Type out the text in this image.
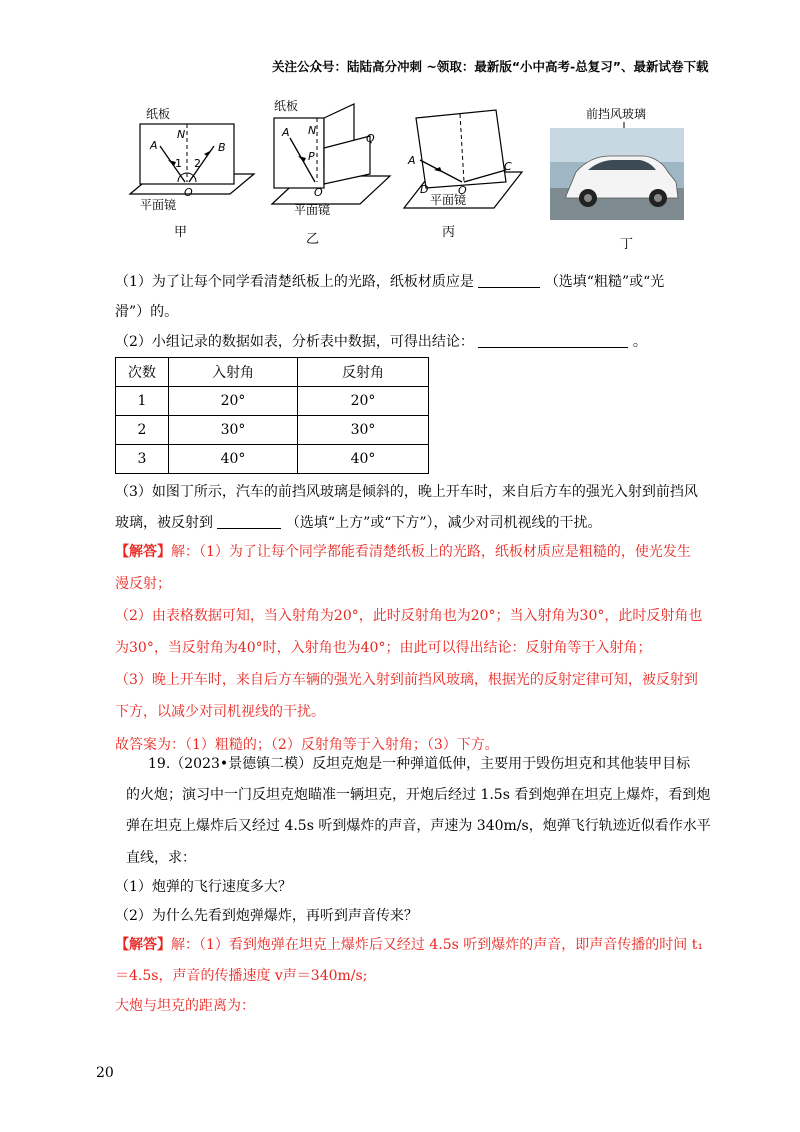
关注公众号：陆陆高分冲刺 ~领取：最新版“小中高考-总复习”、最新试卷下载
纸板
N
A	B
1 2
O
平面镜
甲
纸板
A N
P
Q
O
平面镜
乙
A
D	O
C
平面镜
丙
前挡风玻璃
丁
（1）为了让每个同学看清楚纸板上的光路，纸板材质应是	（选填“粗糙”或“光
滑”）的。
（2）小组记录的数据如表，分析表中数据，可得出结论：	。
次数	入射角	反射角
1	20°	20°
2	30°	30°
3	40°	40°
（3）如图丁所示，汽车的前挡风玻璃是倾斜的，晚上开车时，来自后方车的强光入射到前挡风
玻璃，被反射到	（选填“上方”或“下方”），减少对司机视线的干扰。
【解答】解：（1）为了让每个同学都能看清楚纸板上的光路，纸板材质应是粗糙的，使光发生
漫反射；
（2）由表格数据可知，当入射角为20°，此时反射角也为20°；当入射角为30°，此时反射角也
为30°，当反射角为40°时，入射角也为40°；由此可以得出结论：反射角等于入射角；
（3）晚上开车时，来自后方车辆的强光入射到前挡风玻璃，根据光的反射定律可知，被反射到
下方，以减少对司机视线的干扰。
故答案为：（1）粗糙的；（2）反射角等于入射角；（3）下方。
19.（2023•景德镇二模）反坦克炮是一种弹道低伸，主要用于毁伤坦克和其他装甲目标
的火炮；演习中一门反坦克炮瞄准一辆坦克，开炮后经过 1.5s 看到炮弹在坦克上爆炸，看到炮
弹在坦克上爆炸后又经过 4.5s 听到爆炸的声音，声速为 340m/s，炮弹飞行轨迹近似看作水平
直线，求：
（1）炮弹的飞行速度多大？
（2）为什么先看到炮弹爆炸，再听到声音传来？
【解答】解：（1）看到炮弹在坦克上爆炸后又经过 4.5s 听到爆炸的声音，即声音传播的时间 t₁
＝4.5s，声音的传播速度 v声＝340m/s;
大炮与坦克的距离为：
20
